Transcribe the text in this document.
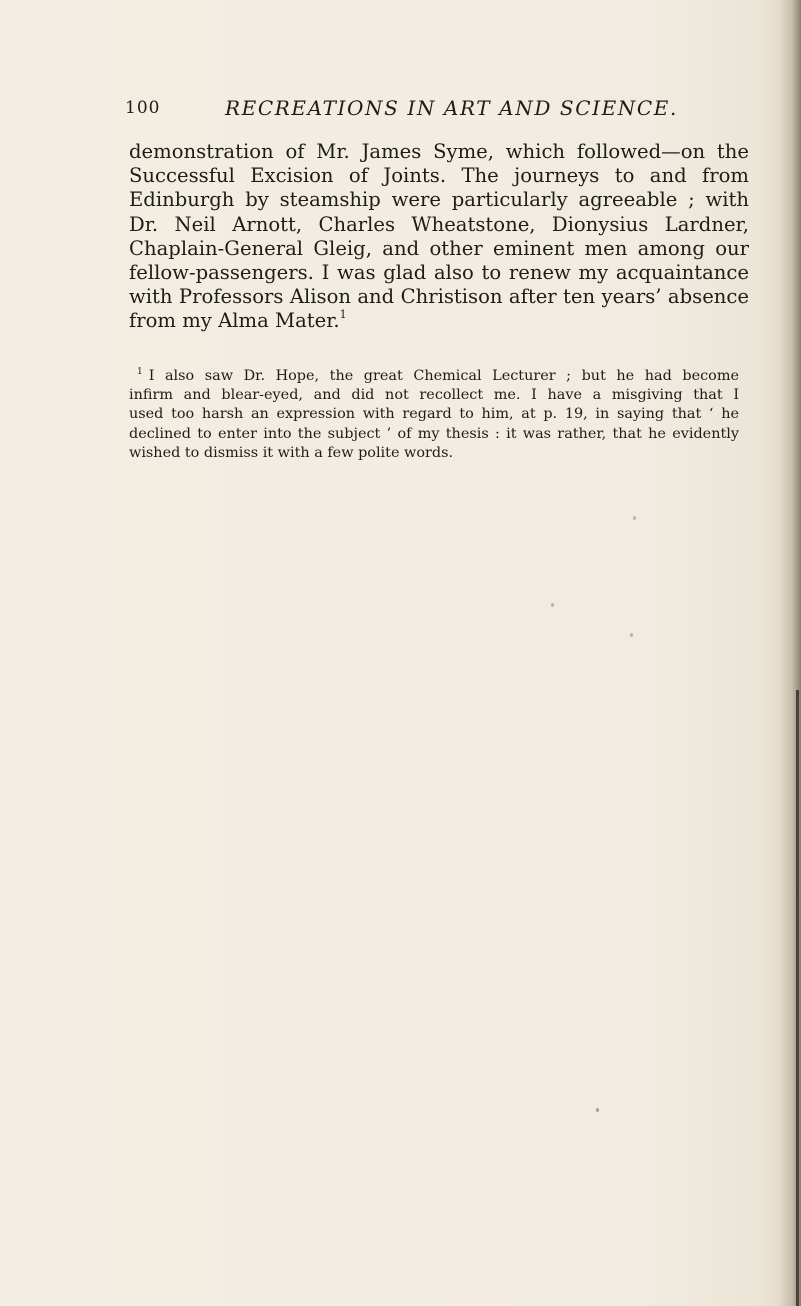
100	RECREATIONS IN ART AND SCIENCE.
demonstration of Mr. James Syme, which followed—on the
Successful Excision of Joints. The journeys to and from
Edinburgh by steamship were particularly agreeable ; with
Dr. Neil Arnott, Charles Wheatstone, Dionysius Lardner,
Chaplain-General Gleig, and other eminent men among our
fellow-passengers. I was glad also to renew my acquaintance
with Professors Alison and Christison after ten years’ absence
from my Alma Mater.$^1$
$^1$ I also saw Dr. Hope, the great Chemical Lecturer ; but he had become
infirm and blear-eyed, and did not recollect me. I have a misgiving that I
used too harsh an expression with regard to him, at p. 19, in saying that ‘ he
declined to enter into the subject ’ of my thesis : it was rather, that he evidently
wished to dismiss it with a few polite words.
